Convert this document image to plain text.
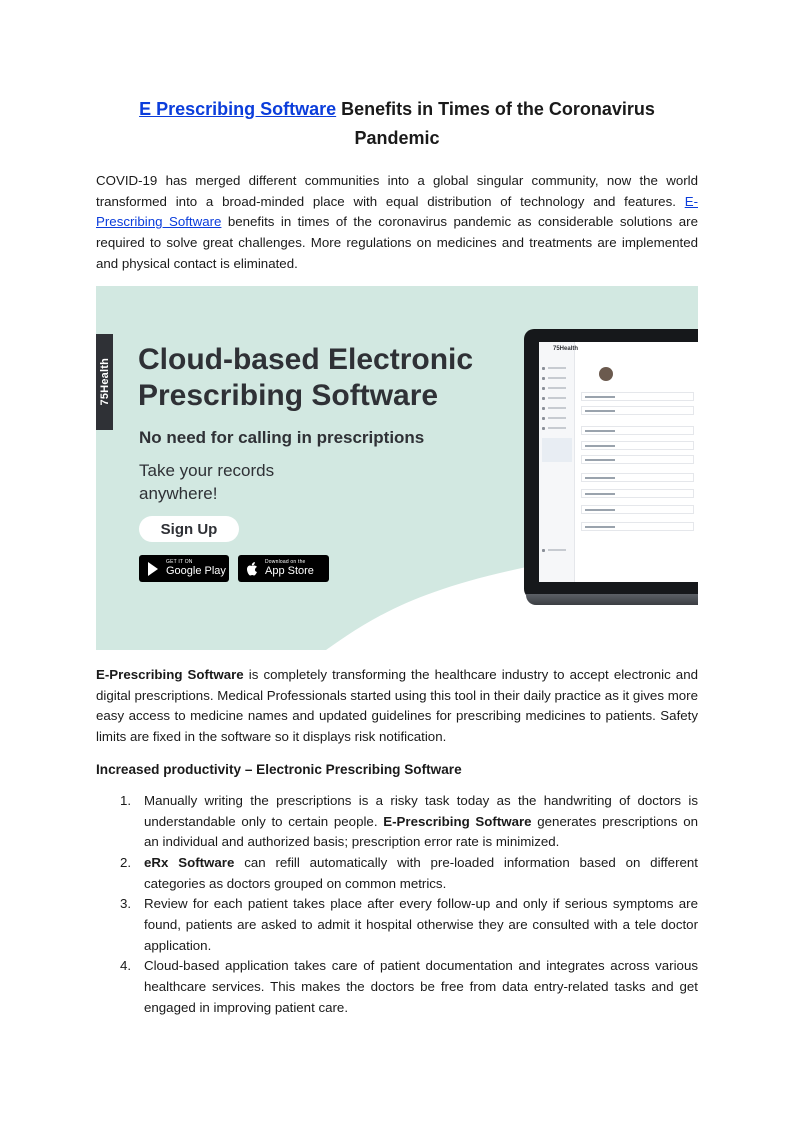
E Prescribing Software Benefits in Times of the Coronavirus Pandemic

COVID-19 has merged different communities into a global singular community, now the world transformed into a broad-minded place with equal distribution of technology and features. E-Prescribing Software benefits in times of the coronavirus pandemic as considerable solutions are required to solve great challenges. More regulations on medicines and treatments are implemented and physical contact is eliminated.

75Health Cloud-based Electronic Prescribing Software
No need for calling in prescriptions
Take your records anywhere!
Sign Up
GET IT ON
Google Play
Download on the
App Store
75Health

E-Prescribing Software is completely transforming the healthcare industry to accept electronic and digital prescriptions. Medical Professionals started using this tool in their daily practice as it gives more easy access to medicine names and updated guidelines for prescribing medicines to patients. Safety limits are fixed in the software so it displays risk notification.

Increased productivity – Electronic Prescribing Software
1. Manually writing the prescriptions is a risky task today as the handwriting of doctors is understandable only to certain people. E-Prescribing Software generates prescriptions on an individual and authorized basis; prescription error rate is minimized.
2. eRx Software can refill automatically with pre-loaded information based on different categories as doctors grouped on common metrics.
3. Review for each patient takes place after every follow-up and only if serious symptoms are found, patients are asked to admit it hospital otherwise they are consulted with a tele doctor application.
4. Cloud-based application takes care of patient documentation and integrates across various healthcare services. This makes the doctors be free from data entry-related tasks and get engaged in improving patient care.
